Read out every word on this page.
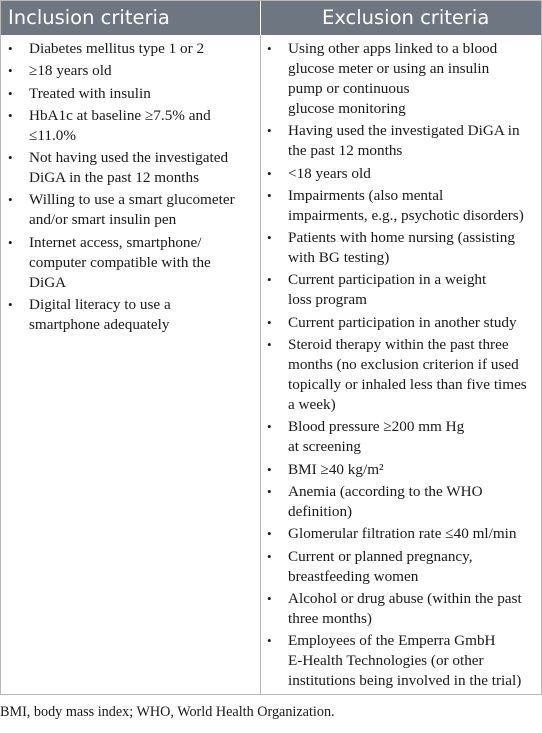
Inclusion criteria	Exclusion criteria
• Diabetes mellitus type 1 or 2
• ≥18 years old
• Treated with insulin
• HbA1c at baseline ≥7.5% and
≤11.0%
• Not having used the investigated
DiGA in the past 12 months
• Willing to use a smart glucometer
and/or smart insulin pen
• Internet access, smartphone/
computer compatible with the
DiGA
• Digital literacy to use a
smartphone adequately
• Using other apps linked to a blood
glucose meter or using an insulin
pump or continuous
glucose monitoring
• Having used the investigated DiGA in
the past 12 months
• <18 years old
• Impairments (also mental
impairments, e.g., psychotic disorders)
• Patients with home nursing (assisting
with BG testing)
• Current participation in a weight
loss program
• Current participation in another study
• Steroid therapy within the past three
months (no exclusion criterion if used
topically or inhaled less than five times
a week)
• Blood pressure ≥200 mm Hg
at screening
• BMI ≥40 kg/m²
• Anemia (according to the WHO
definition)
• Glomerular filtration rate ≤40 ml/min
• Current or planned pregnancy,
breastfeeding women
• Alcohol or drug abuse (within the past
three months)
• Employees of the Emperra GmbH
E-Health Technologies (or other
institutions being involved in the trial)
BMI, body mass index; WHO, World Health Organization.
